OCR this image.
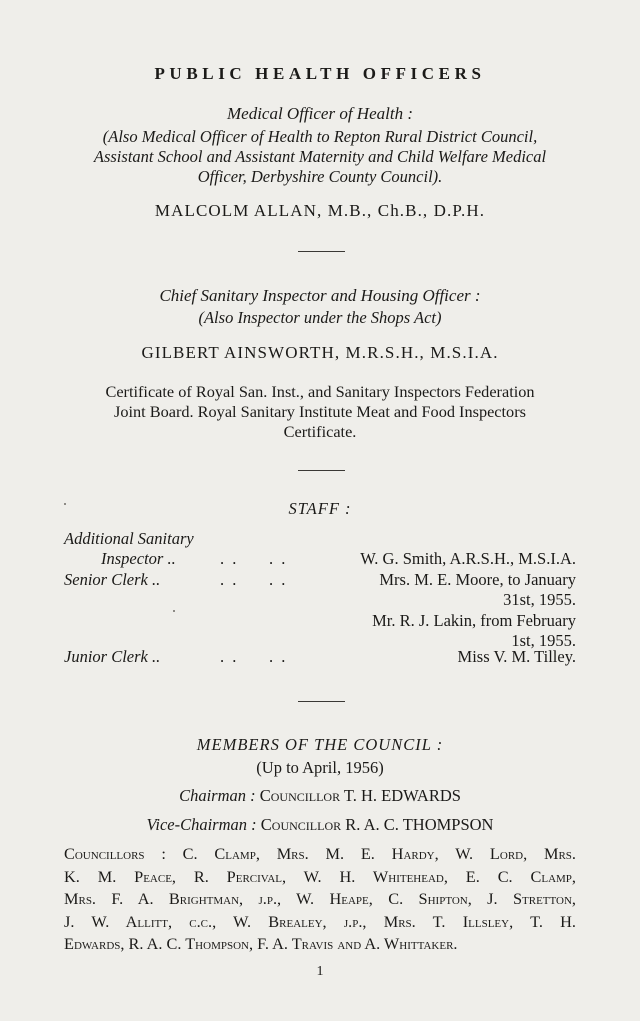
PUBLIC HEALTH OFFICERS
Medical Officer of Health :
(Also Medical Officer of Health to Repton Rural District Council,
Assistant School and Assistant Maternity and Child Welfare Medical
Officer, Derbyshire County Council).
MALCOLM ALLAN, M.B., Ch.B., D.P.H.
Chief Sanitary Inspector and Housing Officer :
(Also Inspector under the Shops Act)
GILBERT AINSWORTH, M.R.S.H., M.S.I.A.
Certificate of Royal San. Inst., and Sanitary Inspectors Federation
Joint Board. Royal Sanitary Institute Meat and Food Inspectors
Certificate.
STAFF :
Additional Sanitary
Inspector ..	. .     . .	W. G. Smith, A.R.S.H., M.S.I.A.
Senior Clerk ..	. .     . .	Mrs. M. E. Moore, to January
31st, 1955.
Mr. R. J. Lakin, from February
1st, 1955.
Junior Clerk ..	. .     . .	Miss V. M. Tilley.
MEMBERS OF THE COUNCIL :
(Up to April, 1956)
Chairman : Councillor T. H. EDWARDS
Vice-Chairman : Councillor R. A. C. THOMPSON
Councillors : C. Clamp, Mrs. M. E. Hardy, W. Lord, Mrs.
K. M. Peace, R. Percival, W. H. Whitehead, E. C. Clamp,
Mrs. F. A. Brightman, j.p., W. Heape, C. Shipton, J. Stretton,
J. W. Allitt, c.c., W. Brealey, j.p., Mrs. T. Illsley, T. H.
Edwards, R. A. C. Thompson, F. A. Travis and A. Whittaker.
1
